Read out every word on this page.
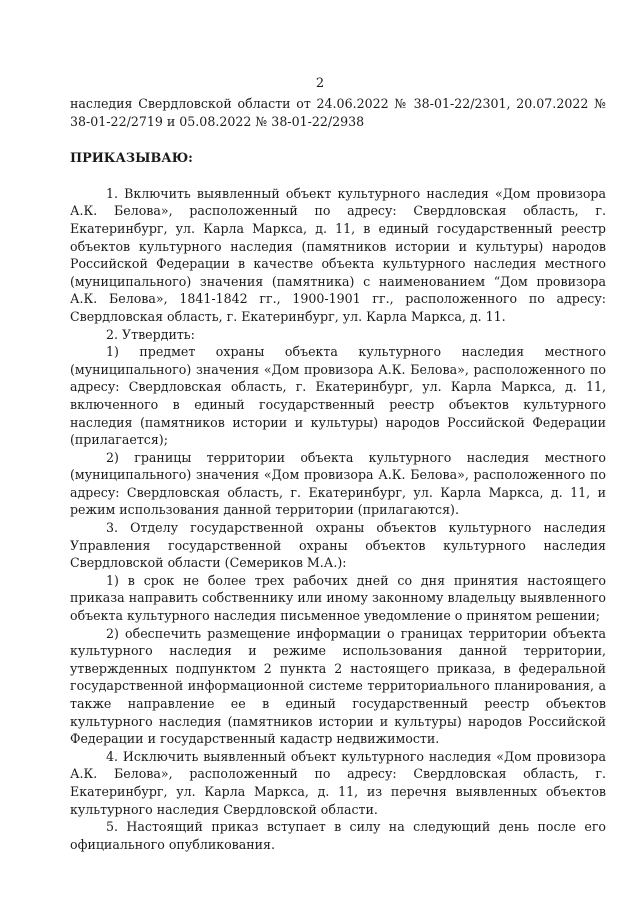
2

наследия Свердловской области от 24.06.2022 № 38-01-22/2301, 20.07.2022 № 38-01-22/2719 и 05.08.2022 № 38-01-22/2938

ПРИКАЗЫВАЮ:

1. Включить выявленный объект культурного наследия «Дом провизора А.К. Белова», расположенный по адресу: Свердловская область, г. Екатеринбург, ул. Карла Маркса, д. 11, в единый государственный реестр объектов культурного наследия (памятников истории и культуры) народов Российской Федерации в качестве объекта культурного наследия местного (муниципального) значения (памятника) с наименованием “Дом провизора А.К. Белова», 1841-1842 гг., 1900-1901 гг., расположенного по адресу: Свердловская область, г. Екатеринбург, ул. Карла Маркса, д. 11.

2. Утвердить:

1) предмет охраны объекта культурного наследия местного (муниципального) значения «Дом провизора А.К. Белова», расположенного по адресу: Свердловская область, г. Екатеринбург, ул. Карла Маркса, д. 11, включенного в единый государственный реестр объектов культурного наследия (памятников истории и культуры) народов Российской Федерации (прилагается);

2) границы территории объекта культурного наследия местного (муниципального) значения «Дом провизора А.К. Белова», расположенного по адресу: Свердловская область, г. Екатеринбург, ул. Карла Маркса, д. 11, и режим использования данной территории (прилагаются).

3. Отделу государственной охраны объектов культурного наследия Управления государственной охраны объектов культурного наследия Свердловской области (Семериков М.А.):

1) в срок не более трех рабочих дней со дня принятия настоящего приказа направить собственнику или иному законному владельцу выявленного объекта культурного наследия письменное уведомление о принятом решении;

2) обеспечить размещение информации о границах территории объекта культурного наследия и режиме использования данной территории, утвержденных подпунктом 2 пункта 2 настоящего приказа, в федеральной государственной информационной системе территориального планирования, а также направление ее в единый государственный реестр объектов культурного наследия (памятников истории и культуры) народов Российской Федерации и государственный кадастр недвижимости.

4. Исключить выявленный объект культурного наследия «Дом провизора А.К. Белова», расположенный по адресу: Свердловская область, г. Екатеринбург, ул. Карла Маркса, д. 11, из перечня выявленных объектов культурного наследия Свердловской области.

5. Настоящий приказ вступает в силу на следующий день после его официального опубликования.
